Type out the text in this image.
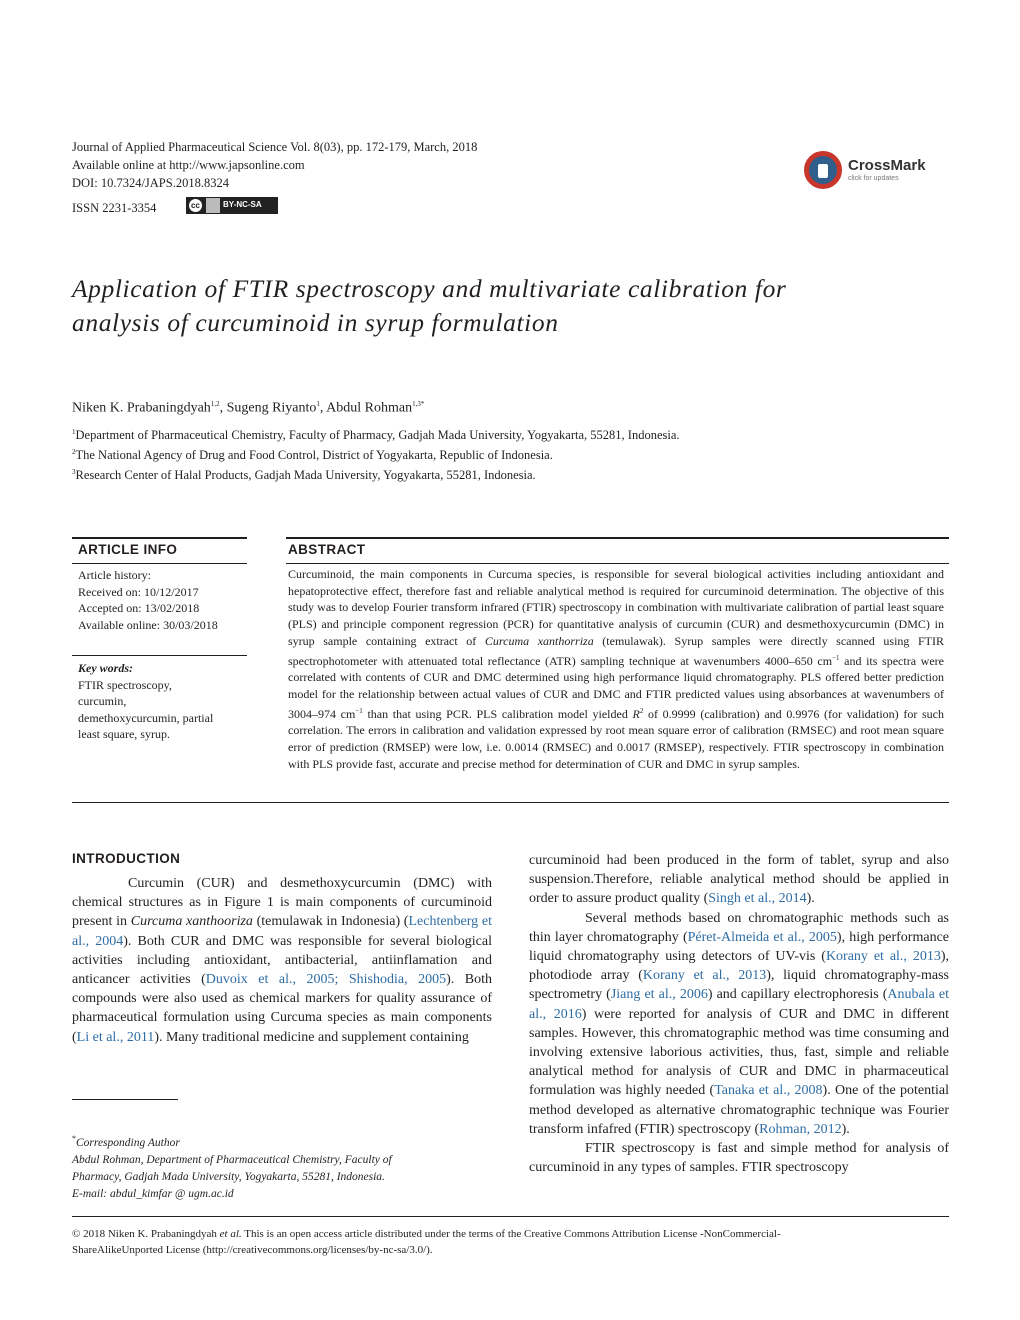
Journal of Applied Pharmaceutical Science Vol. 8(03), pp. 172-179, March, 2018
Available online at http://www.japsonline.com
DOI: 10.7324/JAPS.2018.8324
ISSN 2231-3354	cc	BY-NC-SA
CrossMark
click for updates
Application of FTIR spectroscopy and multivariate calibration for
analysis of curcuminoid in syrup formulation
Niken K. Prabaningdyah$^{1,2}$, Sugeng Riyanto$^1$, Abdul Rohman$^{1,3*}$
$^1$Department of Pharmaceutical Chemistry, Faculty of Pharmacy, Gadjah Mada University, Yogyakarta, 55281, Indonesia.
$^2$The National Agency of Drug and Food Control, District of Yogyakarta, Republic of Indonesia.
$^3$Research Center of Halal Products, Gadjah Mada University, Yogyakarta, 55281, Indonesia.
ARTICLE INFO	ABSTRACT
Article history:
Received on: 10/12/2017
Accepted on: 13/02/2018
Available online: 30/03/2018
Key words:
FTIR spectroscopy,
curcumin,
demethoxycurcumin, partial
least square, syrup.
Curcuminoid, the main components in Curcuma species, is responsible for several biological activities including antioxidant and hepatoprotective effect, therefore fast and reliable analytical method is required for curcuminoid determination. The objective of this study was to develop Fourier transform infrared (FTIR) spectroscopy in combination with multivariate calibration of partial least square (PLS) and principle component regression (PCR) for quantitative analysis of curcumin (CUR) and desmethoxycurcumin (DMC) in syrup sample containing extract of Curcuma xanthorriza (temulawak). Syrup samples were directly scanned using FTIR spectrophotometer with attenuated total reflectance (ATR) sampling technique at wavenumbers 4000–650 $cm^{-1}$ and its spectra were correlated with contents of CUR and DMC determined using high performance liquid chromatography. PLS offered better prediction model for the relationship between actual values of CUR and DMC and FTIR predicted values using absorbances at wavenumbers of 3004–974 $cm^{-1}$ than that using PCR. PLS calibration model yielded $R^2$ of 0.9999 (calibration) and 0.9976 (for validation) for such correlation. The errors in calibration and validation expressed by root mean square error of calibration (RMSEC) and root mean square error of prediction (RMSEP) were low, i.e. 0.0014 (RMSEC) and 0.0017 (RMSEP), respectively. FTIR spectroscopy in combination with PLS provide fast, accurate and precise method for determination of CUR and DMC in syrup samples.
INTRODUCTION
Curcumin (CUR) and desmethoxycurcumin (DMC) with chemical structures as in Figure 1 is main components of curcuminoid present in Curcuma xanthooriza (temulawak in Indonesia) (Lechtenberg et al., 2004). Both CUR and DMC was responsible for several biological activities including antioxidant, antibacterial, antiinflamation and anticancer activities (Duvoix et al., 2005; Shishodia, 2005). Both compounds were also used as chemical markers for quality assurance of pharmaceutical formulation using Curcuma species as main components (Li et al., 2011). Many traditional medicine and supplement containing
*Corresponding Author
Abdul Rohman, Department of Pharmaceutical Chemistry, Faculty of
Pharmacy, Gadjah Mada University, Yogyakarta, 55281, Indonesia.
E-mail: abdul_kimfar @ ugm.ac.id
curcuminoid had been produced in the form of tablet, syrup and also suspension.Therefore, reliable analytical method should be applied in order to assure product quality (Singh et al., 2014).
Several methods based on chromatographic methods such as thin layer chromatography (Péret-Almeida et al., 2005), high performance liquid chromatography using detectors of UV-vis (Korany et al., 2013), photodiode array (Korany et al., 2013), liquid chromatography-mass spectrometry (Jiang et al., 2006) and capillary electrophoresis (Anubala et al., 2016) were reported for analysis of CUR and DMC in different samples. However, this chromatographic method was time consuming and involving extensive laborious activities, thus, fast, simple and reliable analytical method for analysis of CUR and DMC in pharmaceutical formulation was highly needed (Tanaka et al., 2008). One of the potential method developed as alternative chromatographic technique was Fourier transform infafred (FTIR) spectroscopy (Rohman, 2012).
FTIR spectroscopy is fast and simple method for analysis of curcuminoid in any types of samples. FTIR spectroscopy
© 2018 Niken K. Prabaningdyah et al. This is an open access article distributed under the terms of the Creative Commons Attribution License -NonCommercial-
ShareAlikeUnported License (http://creativecommons.org/licenses/by-nc-sa/3.0/).
